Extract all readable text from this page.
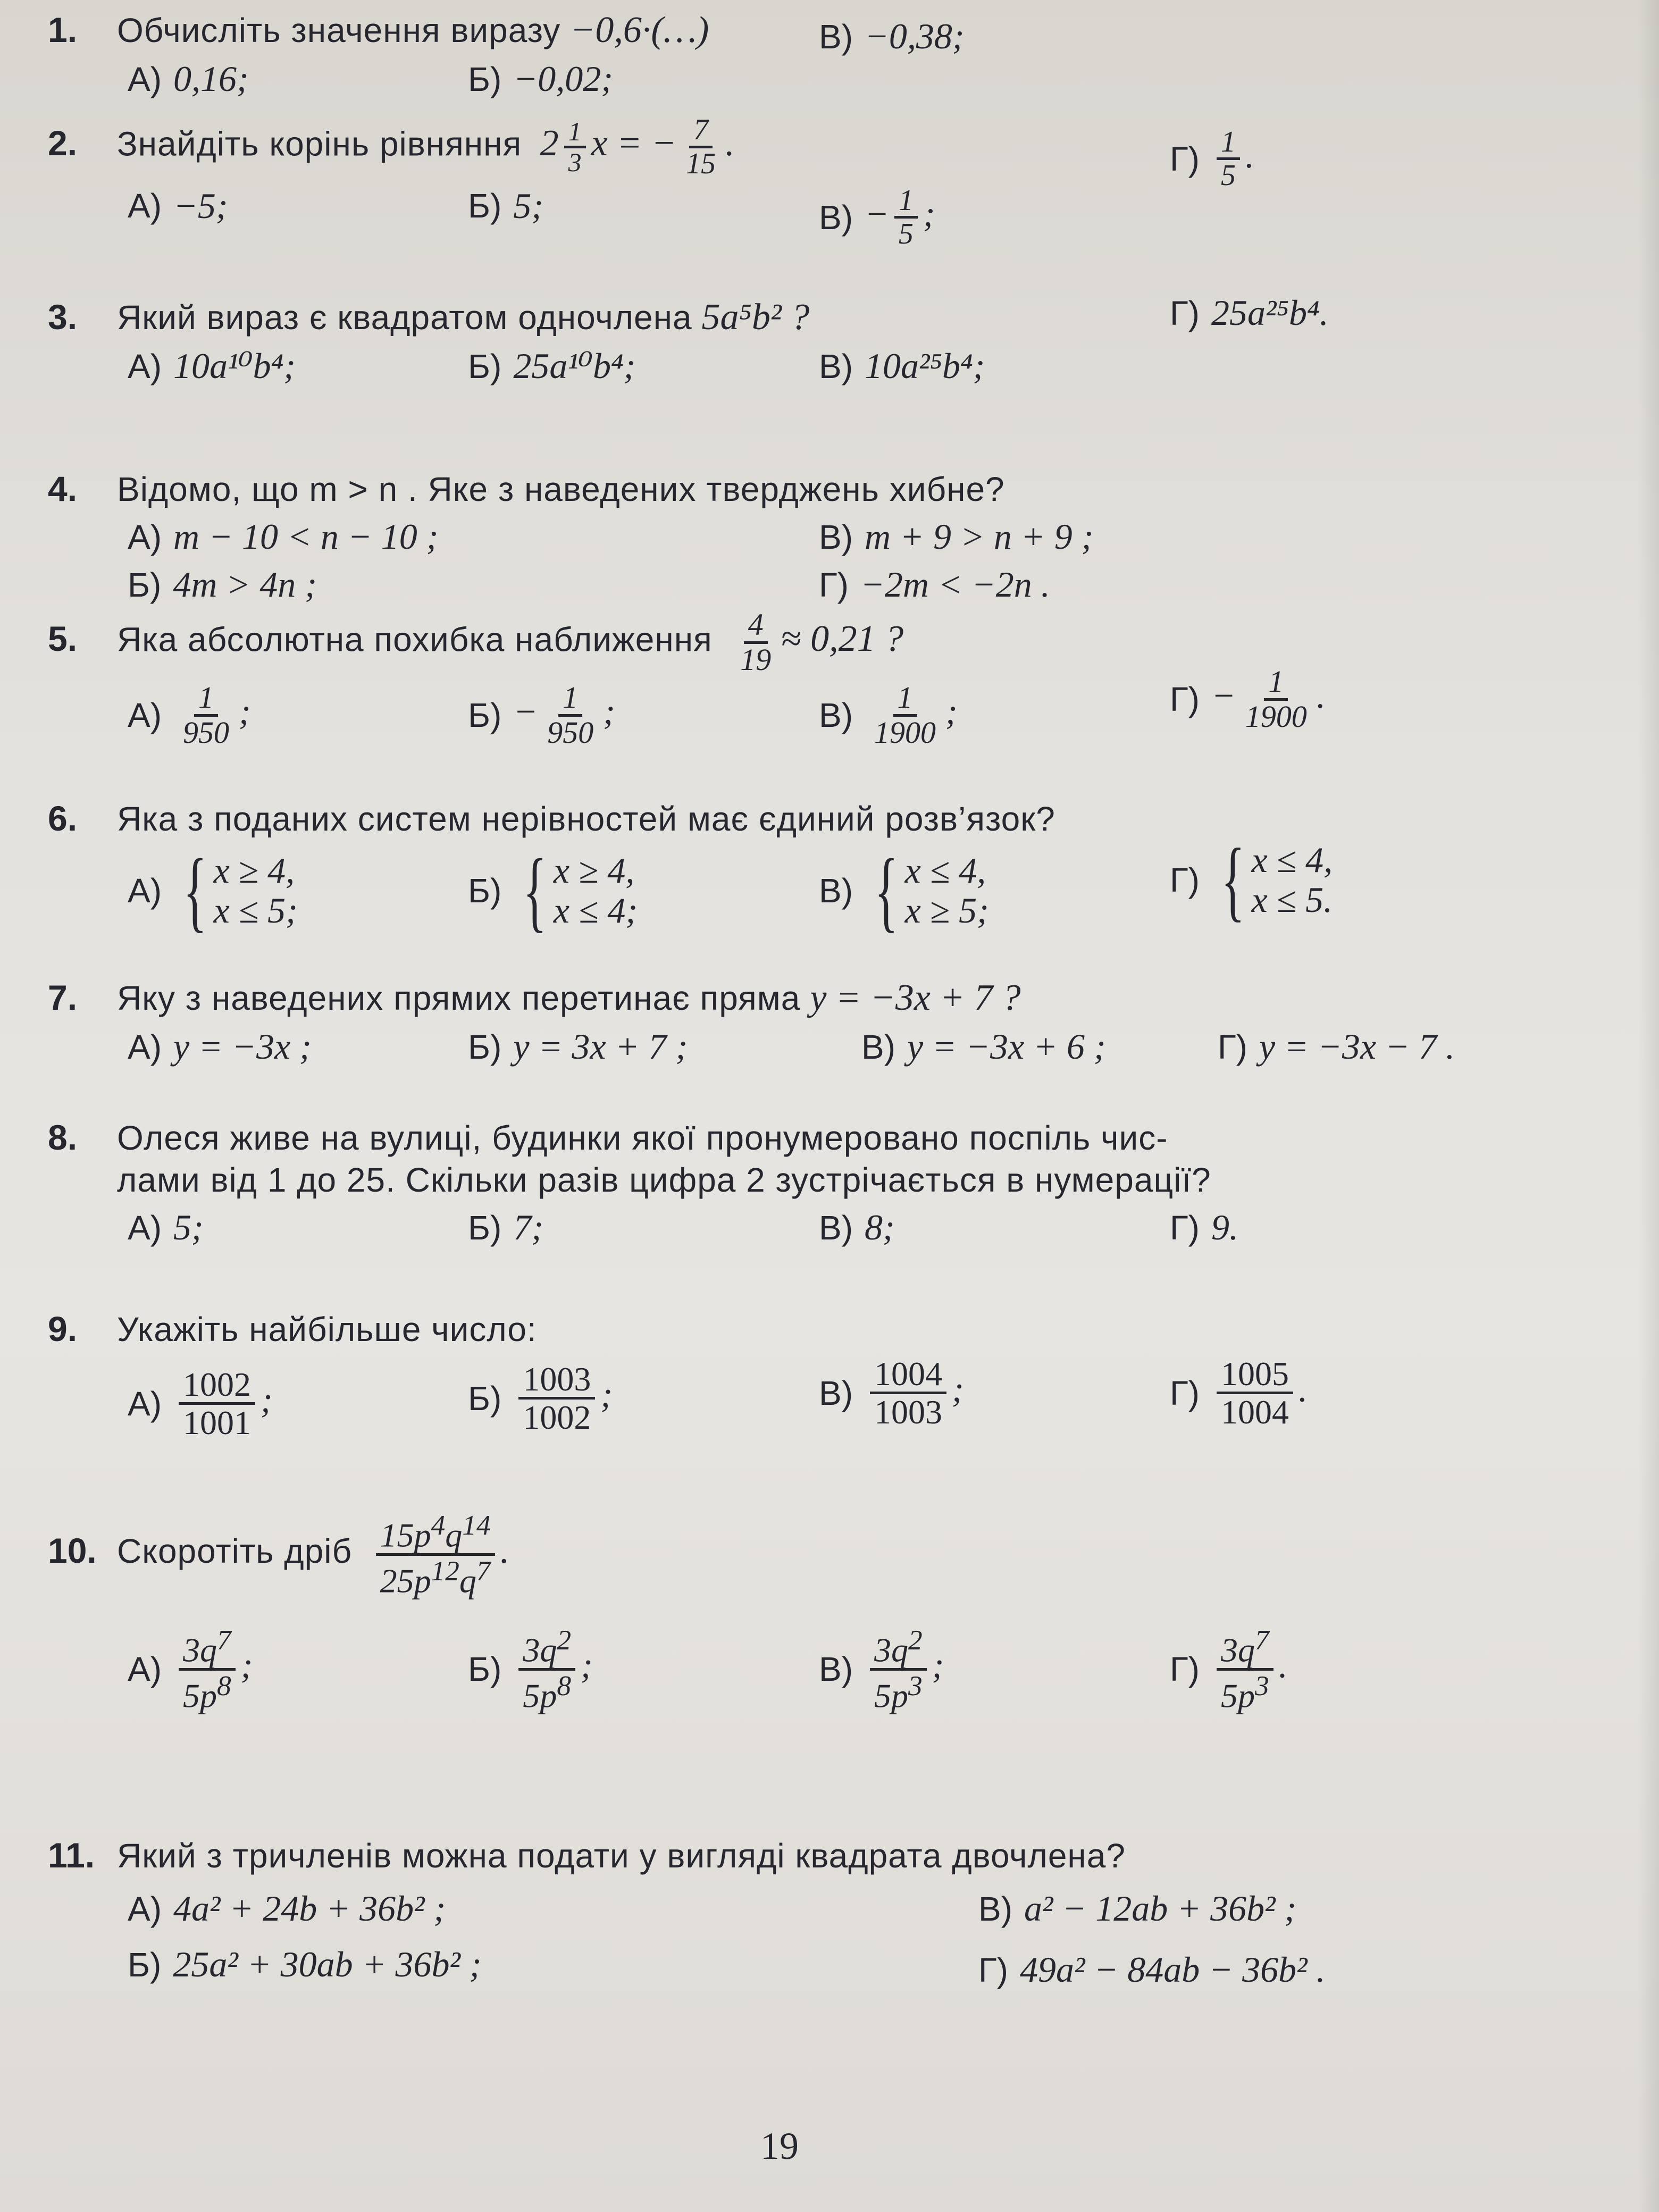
1. Обчисліть значення виразу −0,6·(…)
А) 0,16;	Б) −0,02;
В) −0,38;
2. Знайдіть корінь рівняння $2 \frac{1}{3}$ x = − $\frac{7}{15}$ .
А) −5;	Б) 5;	$В) - \frac{1}{5}$ ;
$Г) \frac{1}{5}$ .
3. Який вираз є квадратом одночлена 5a⁵b² ?
А) 10a¹⁰b⁴;	Б) 25a¹⁰b⁴;	В) 10a²⁵b⁴;
Г) 25a²⁵b⁴.
4. Відомо, що m > n . Яке з наведених тверджень хибне?
А) m − 10 < n − 10 ;	В) m + 9 > n + 9 ;
Б) 4m > 4n ;	Г) −2m < −2n .
5. Яка абсолютна похибка наближення $\frac{4}{19} \approx 0,21$ ?
$А) \frac{1}{950}$ ;	$Б) - \frac{1}{950}$ ;	$В) \frac{1}{1900}$ ;	$Г) - \frac{1}{1900}$ .
6. Яка з поданих систем нерівностей має єдиний розв’язок?
А) { x ≥ 4,
x ≤ 5;	Б) { x ≥ 4,
x ≤ 4;	В) { x ≤ 4,
x ≥ 5;
Г) { x ≤ 4,
x ≤ 5.
7. Яку з наведених прямих перетинає пряма y = −3x + 7 ?
А) y = −3x ;	Б) y = 3x + 7 ;	В) y = −3x + 6 ;	Г) y = −3x − 7 .
8. Олеся живе на вулиці, будинки якої пронумеровано поспіль чис-
лами від 1 до 25. Скільки разів цифра 2 зустрічається в нумерації?
А) 5;	Б) 7;	В) 8;	Г) 9.
9. Укажіть найбільше число:
$А) \frac{1002}{1001}$ ;	$Б) \frac{1003}{1002}$ ;	$В) \frac{1004}{1003}$ ;	$Г) \frac{1005}{1004}$ .
10. Скоротіть дріб $\frac{15p^4q^{14}}{25p^{12}q^7}$ .
$А) \frac{3q^7}{5p^8}$ ;	$Б) \frac{3q^2}{5p^8}$ ;	$В) \frac{3q^2}{5p^3}$ ;	$Г) \frac{3q^7}{5p^3}$ .
11. Який з тричленів можна подати у вигляді квадрата двочлена?
А) 4a² + 24b + 36b² ;	В) a² − 12ab + 36b² ;
Б) 25a² + 30ab + 36b² ;	Г) 49a² − 84ab − 36b² .
19
